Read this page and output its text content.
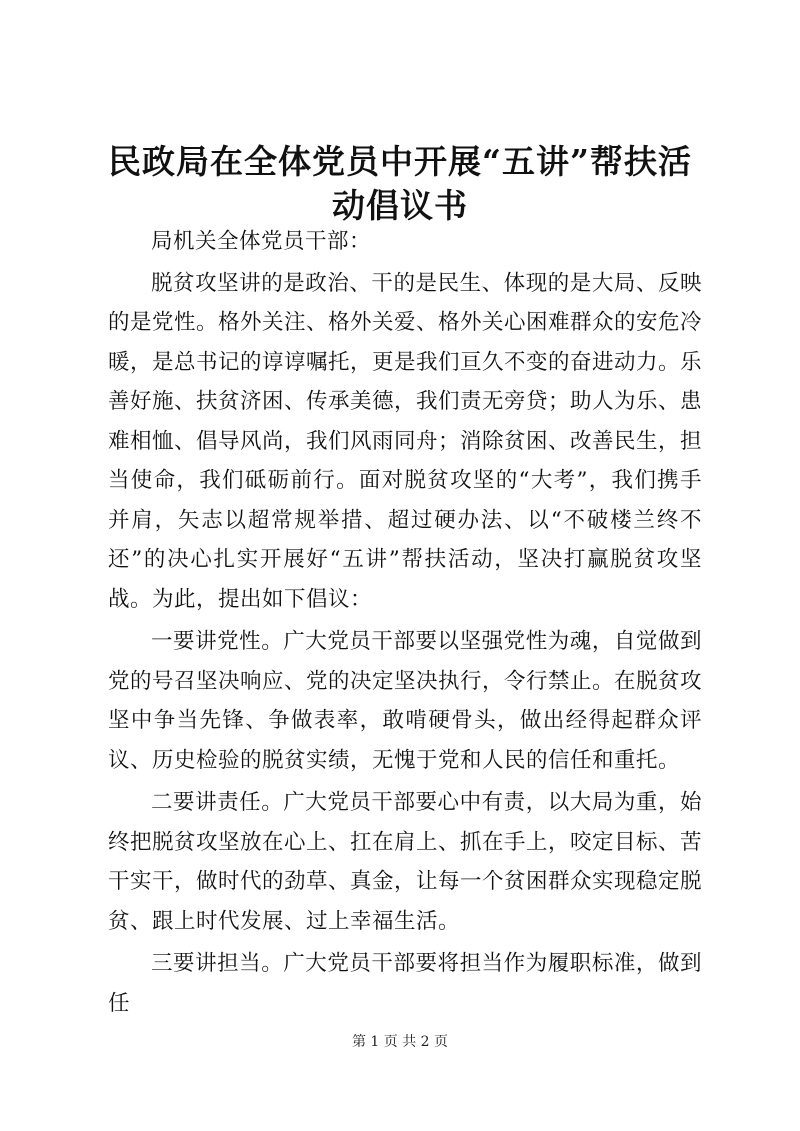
民政局在全体党员中开展“五讲”帮扶活动倡议书

局机关全体党员干部：

脱贫攻坚讲的是政治、干的是民生、体现的是大局、反映的是党性。格外关注、格外关爱、格外关心困难群众的安危冷暖，是总书记的谆谆嘱托，更是我们亘久不变的奋进动力。乐善好施、扶贫济困、传承美德，我们责无旁贷；助人为乐、患难相恤、倡导风尚，我们风雨同舟；消除贫困、改善民生，担当使命，我们砥砺前行。面对脱贫攻坚的“大考”，我们携手并肩，矢志以超常规举措、超过硬办法、以“不破楼兰终不还”的决心扎实开展好“五讲”帮扶活动，坚决打赢脱贫攻坚战。为此，提出如下倡议：

一要讲党性。广大党员干部要以坚强党性为魂，自觉做到党的号召坚决响应、党的决定坚决执行，令行禁止。在脱贫攻坚中争当先锋、争做表率，敢啃硬骨头，做出经得起群众评议、历史检验的脱贫实绩，无愧于党和人民的信任和重托。

二要讲责任。广大党员干部要心中有责，以大局为重，始终把脱贫攻坚放在心上、扛在肩上、抓在手上，咬定目标、苦干实干，做时代的劲草、真金，让每一个贫困群众实现稳定脱贫、跟上时代发展、过上幸福生活。

三要讲担当。广大党员干部要将担当作为履职标准，做到任

第 1 页 共 2 页
